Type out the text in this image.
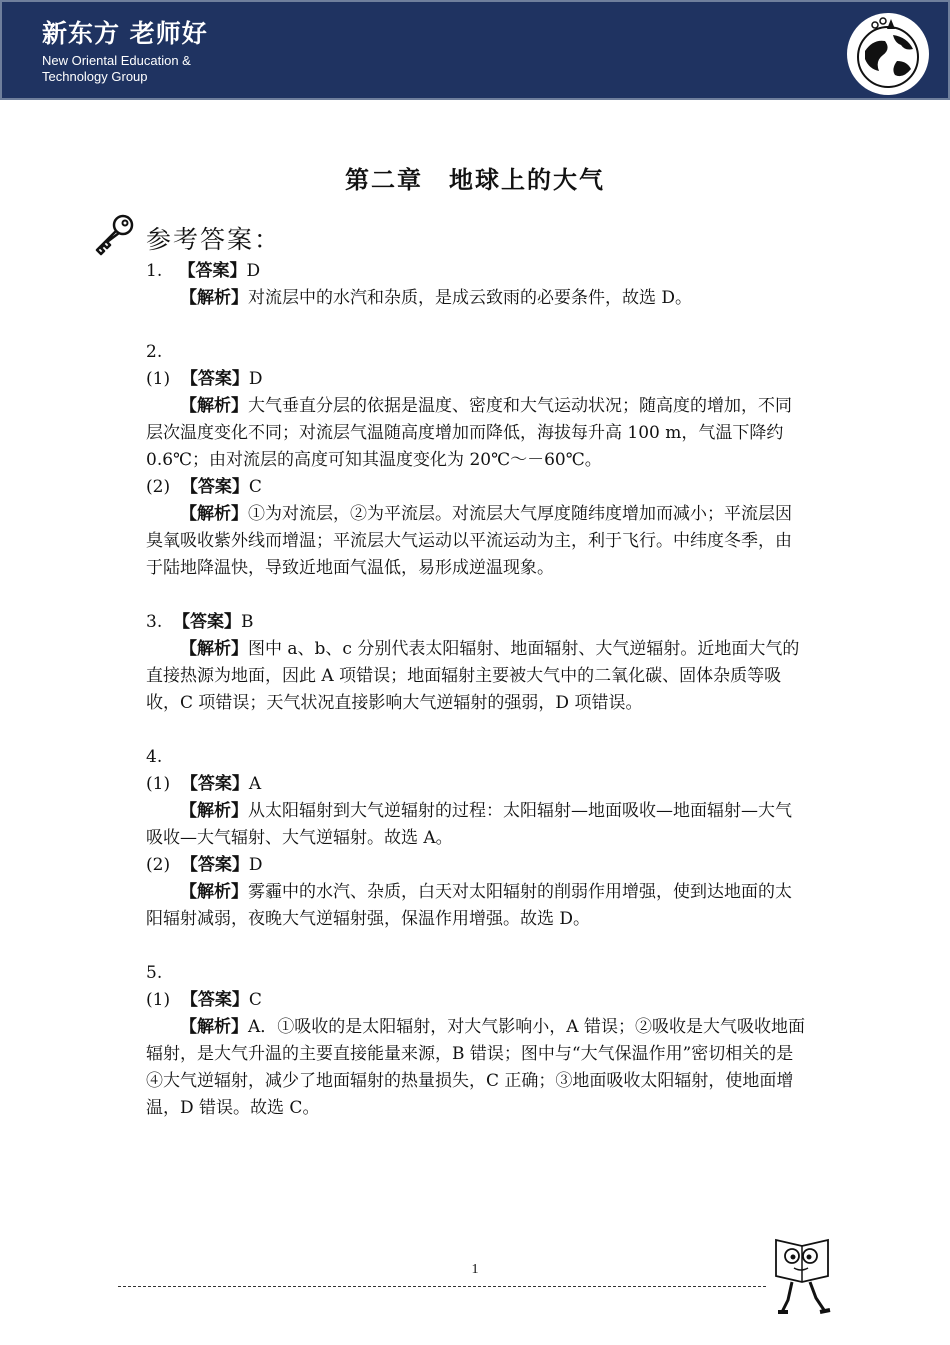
新东方 老师好
New Oriental Education &
Technology Group
第二章　地球上的大气
参考答案：
1. 【答案】D
【解析】对流层中的水汽和杂质，是成云致雨的必要条件，故选 D。
2.
(1) 【答案】D
【解析】大气垂直分层的依据是温度、密度和大气运动状况；随高度的增加，不同层次温度变化不同；对流层气温随高度增加而降低，海拔每升高 100 m，气温下降约 0.6℃；由对流层的高度可知其温度变化为 20℃～－60℃。
(2) 【答案】C
【解析】①为对流层，②为平流层。对流层大气厚度随纬度增加而减小；平流层因臭氧吸收紫外线而增温；平流层大气运动以平流运动为主，利于飞行。中纬度冬季，由于陆地降温快，导致近地面气温低，易形成逆温现象。
3. 【答案】B
【解析】图中 a、b、c 分别代表太阳辐射、地面辐射、大气逆辐射。近地面大气的直接热源为地面，因此 A 项错误；地面辐射主要被大气中的二氧化碳、固体杂质等吸收，C 项错误；天气状况直接影响大气逆辐射的强弱，D 项错误。
4.
(1) 【答案】A
【解析】从太阳辐射到大气逆辐射的过程：太阳辐射—地面吸收—地面辐射—大气吸收—大气辐射、大气逆辐射。故选 A。
(2) 【答案】D
【解析】雾霾中的水汽、杂质，白天对太阳辐射的削弱作用增强，使到达地面的太阳辐射减弱，夜晚大气逆辐射强，保温作用增强。故选 D。
5.
(1) 【答案】C
【解析】A．①吸收的是太阳辐射，对大气影响小，A 错误；②吸收是大气吸收地面辐射，是大气升温的主要直接能量来源，B 错误；图中与“大气保温作用”密切相关的是④大气逆辐射，减少了地面辐射的热量损失，C 正确；③地面吸收太阳辐射，使地面增温，D 错误。故选 C。
1
